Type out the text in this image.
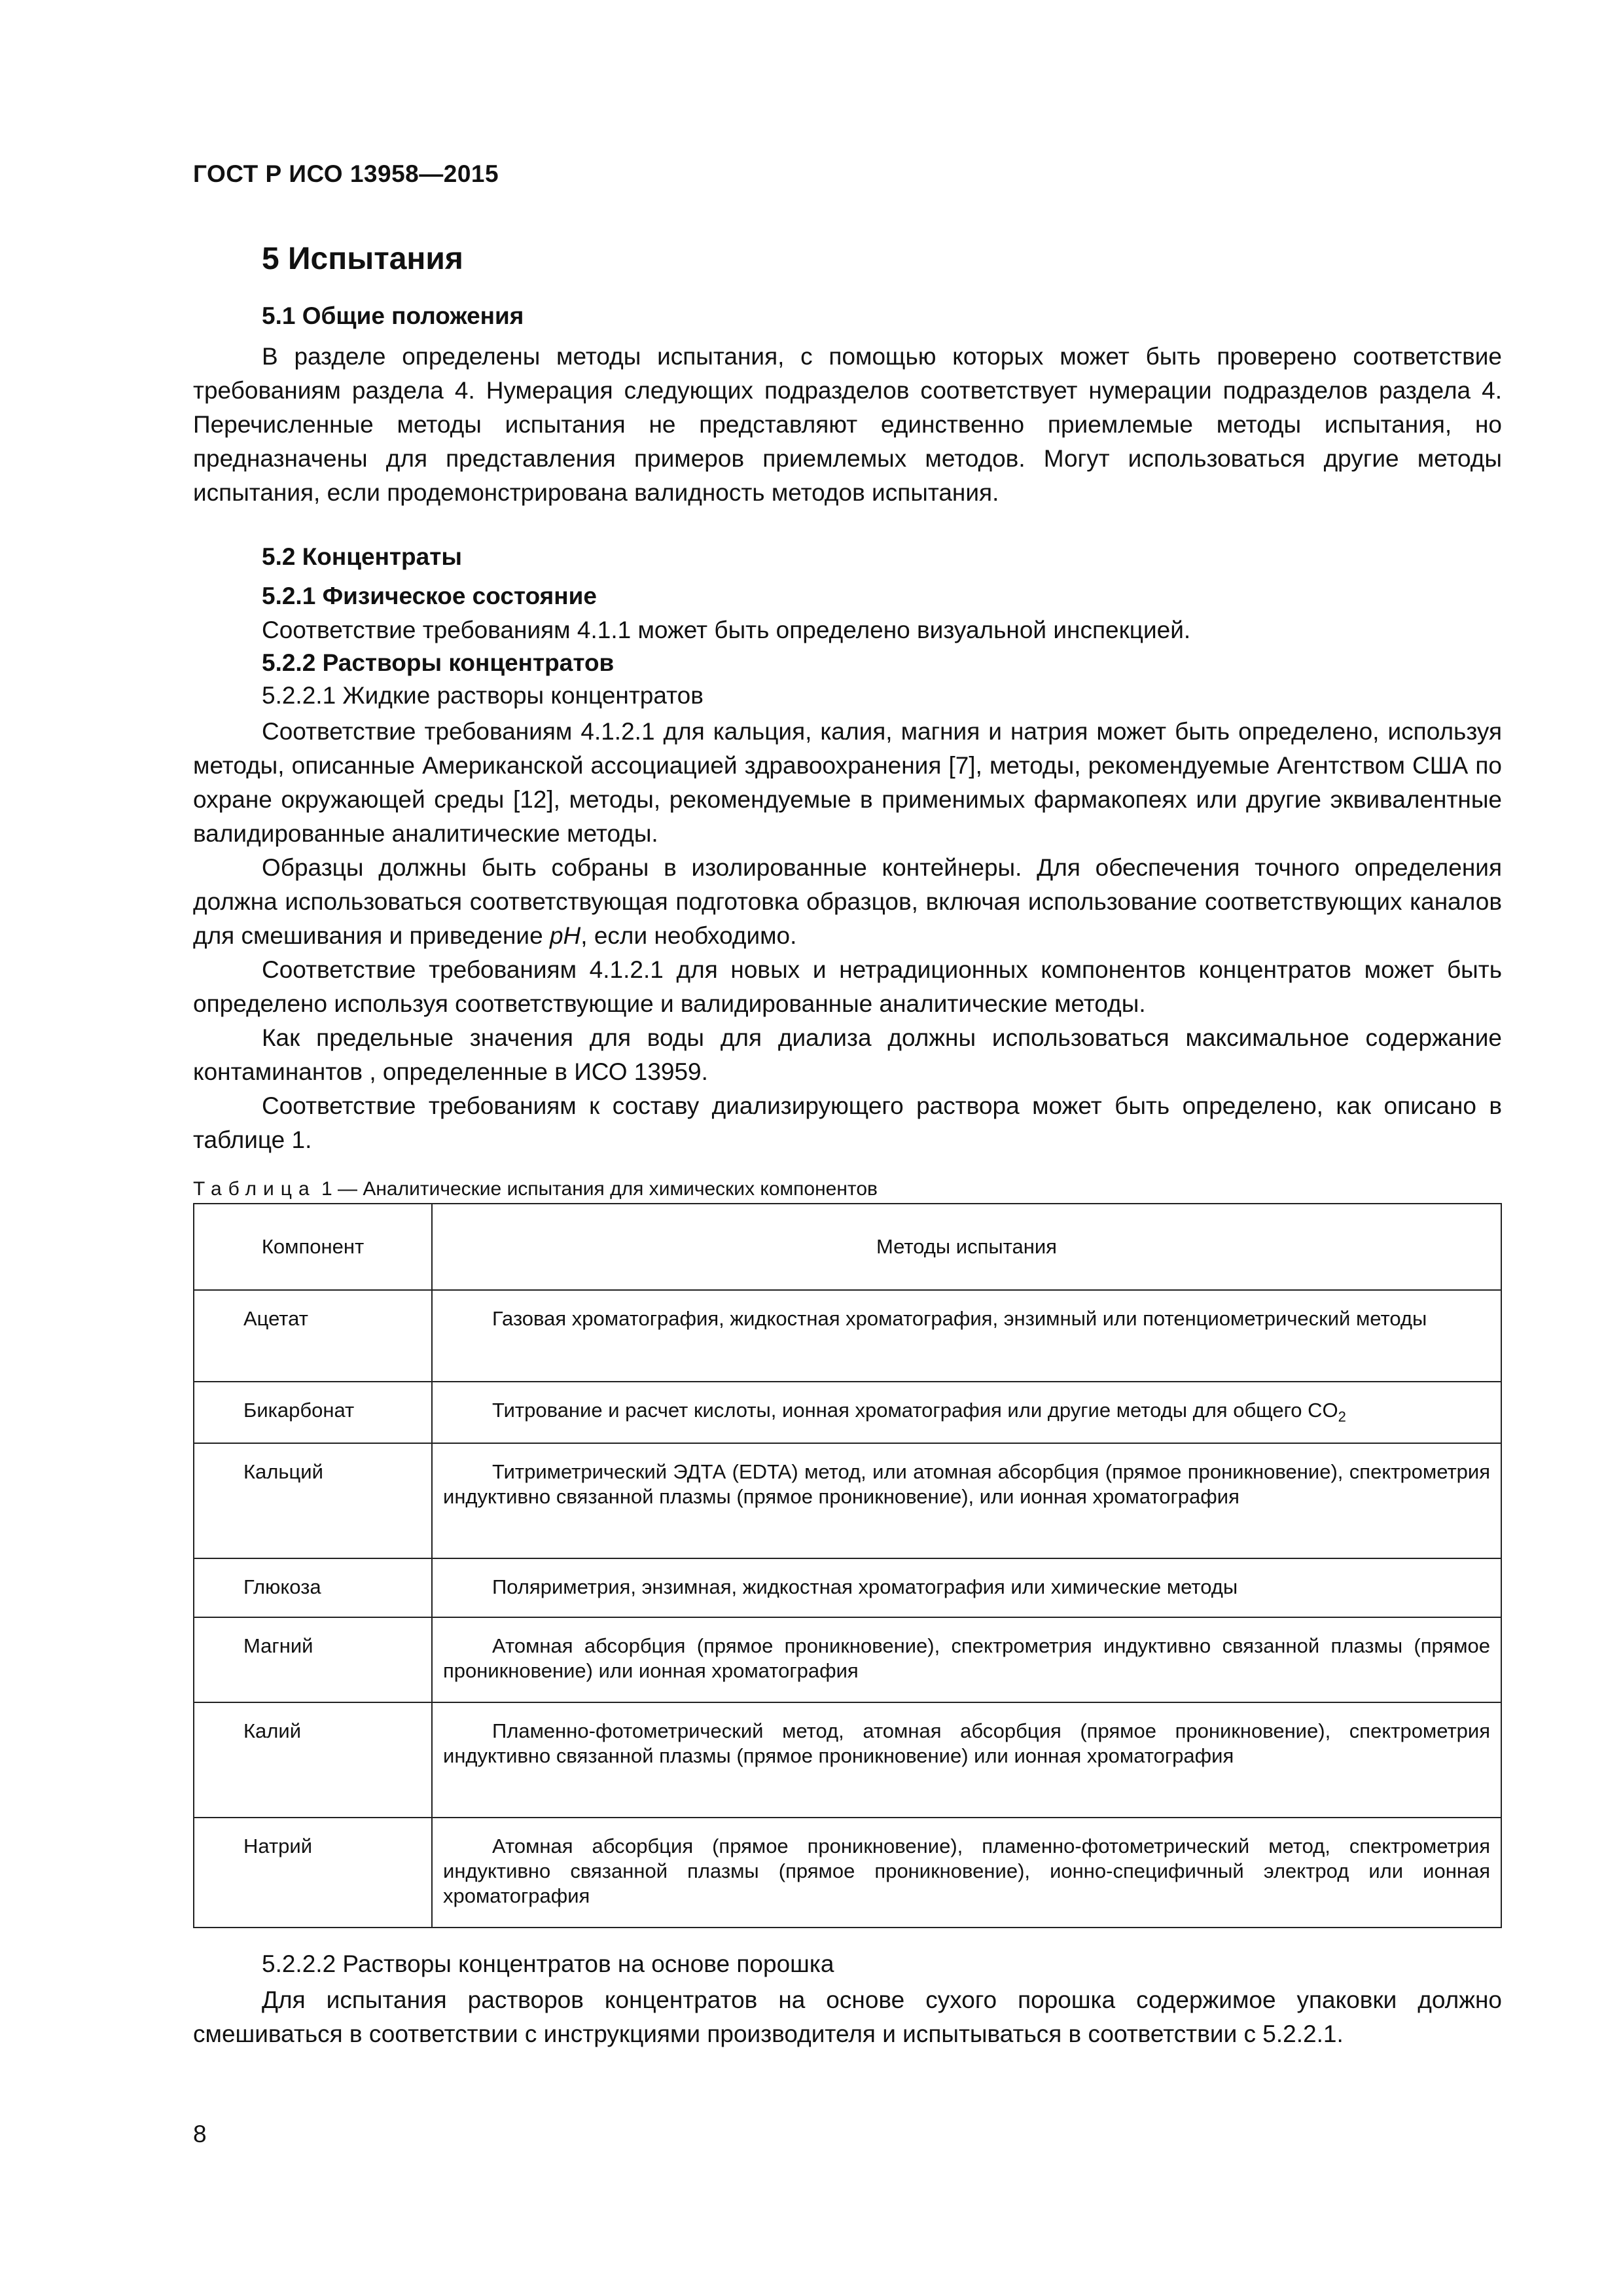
ГОСТ Р ИСО 13958—2015
5 Испытания
5.1 Общие положения
В разделе определены методы испытания, с помощью которых может быть проверено соответствие требованиям раздела 4. Нумерация следующих подразделов соответствует нумерации подразделов раздела 4. Перечисленные методы испытания не представляют единственно приемлемые методы испытания, но предназначены для представления примеров приемлемых методов. Могут использоваться другие методы испытания, если продемонстрирована валидность методов испытания.
5.2 Концентраты
5.2.1 Физическое состояние
Соответствие требованиям 4.1.1 может быть определено визуальной инспекцией.
5.2.2 Растворы концентратов
5.2.2.1 Жидкие растворы концентратов
Соответствие требованиям 4.1.2.1 для кальция, калия, магния и натрия может быть определено, используя методы, описанные Американской ассоциацией здравоохранения [7], методы, рекомендуемые Агентством США по охране окружающей среды [12], методы, рекомендуемые в применимых фармакопеях или другие эквивалентные валидированные аналитические методы.
Образцы должны быть собраны в изолированные контейнеры. Для обеспечения точного определения должна использоваться соответствующая подготовка образцов, включая использование соответствующих каналов для смешивания и приведение pH, если необходимо.
Соответствие требованиям 4.1.2.1 для новых и нетрадиционных компонентов концентратов может быть определено используя соответствующие и валидированные аналитические методы.
Как предельные значения для воды для диализа должны использоваться максимальное содержание контаминантов , определенные в ИСО 13959.
Соответствие требованиям к составу диализирующего раствора может быть определено, как описано в таблице 1.
Таблица 1 — Аналитические испытания для химических компонентов
Компонент	Методы испытания
Ацетат	Газовая хроматография, жидкостная хроматография, энзимный или потенциометрический методы
Бикарбонат	Титрование и расчет кислоты, ионная хроматография или другие методы для общего $CO_2$
Кальций	Титриметрический ЭДТА (EDTA) метод, или атомная абсорбция (прямое проникновение), спектрометрия индуктивно связанной плазмы (прямое проникновение), или ионная хроматография
Глюкоза	Поляриметрия, энзимная, жидкостная хроматография или химические методы
Магний	Атомная абсорбция (прямое проникновение), спектрометрия индуктивно связанной плазмы (прямое проникновение) или ионная хроматография
Калий	Пламенно-фотометрический метод, атомная абсорбция (прямое проникновение), спектрометрия индуктивно связанной плазмы (прямое проникновение) или ионная хроматография
Натрий	Атомная абсорбция (прямое проникновение), пламенно-фотометрический метод, спектрометрия индуктивно связанной плазмы (прямое проникновение), ионно-специфичный электрод или ионная хроматография
5.2.2.2 Растворы концентратов на основе порошка
Для испытания растворов концентратов на основе сухого порошка содержимое упаковки должно смешиваться в соответствии с инструкциями производителя и испытываться в соответствии с 5.2.2.1.
8
